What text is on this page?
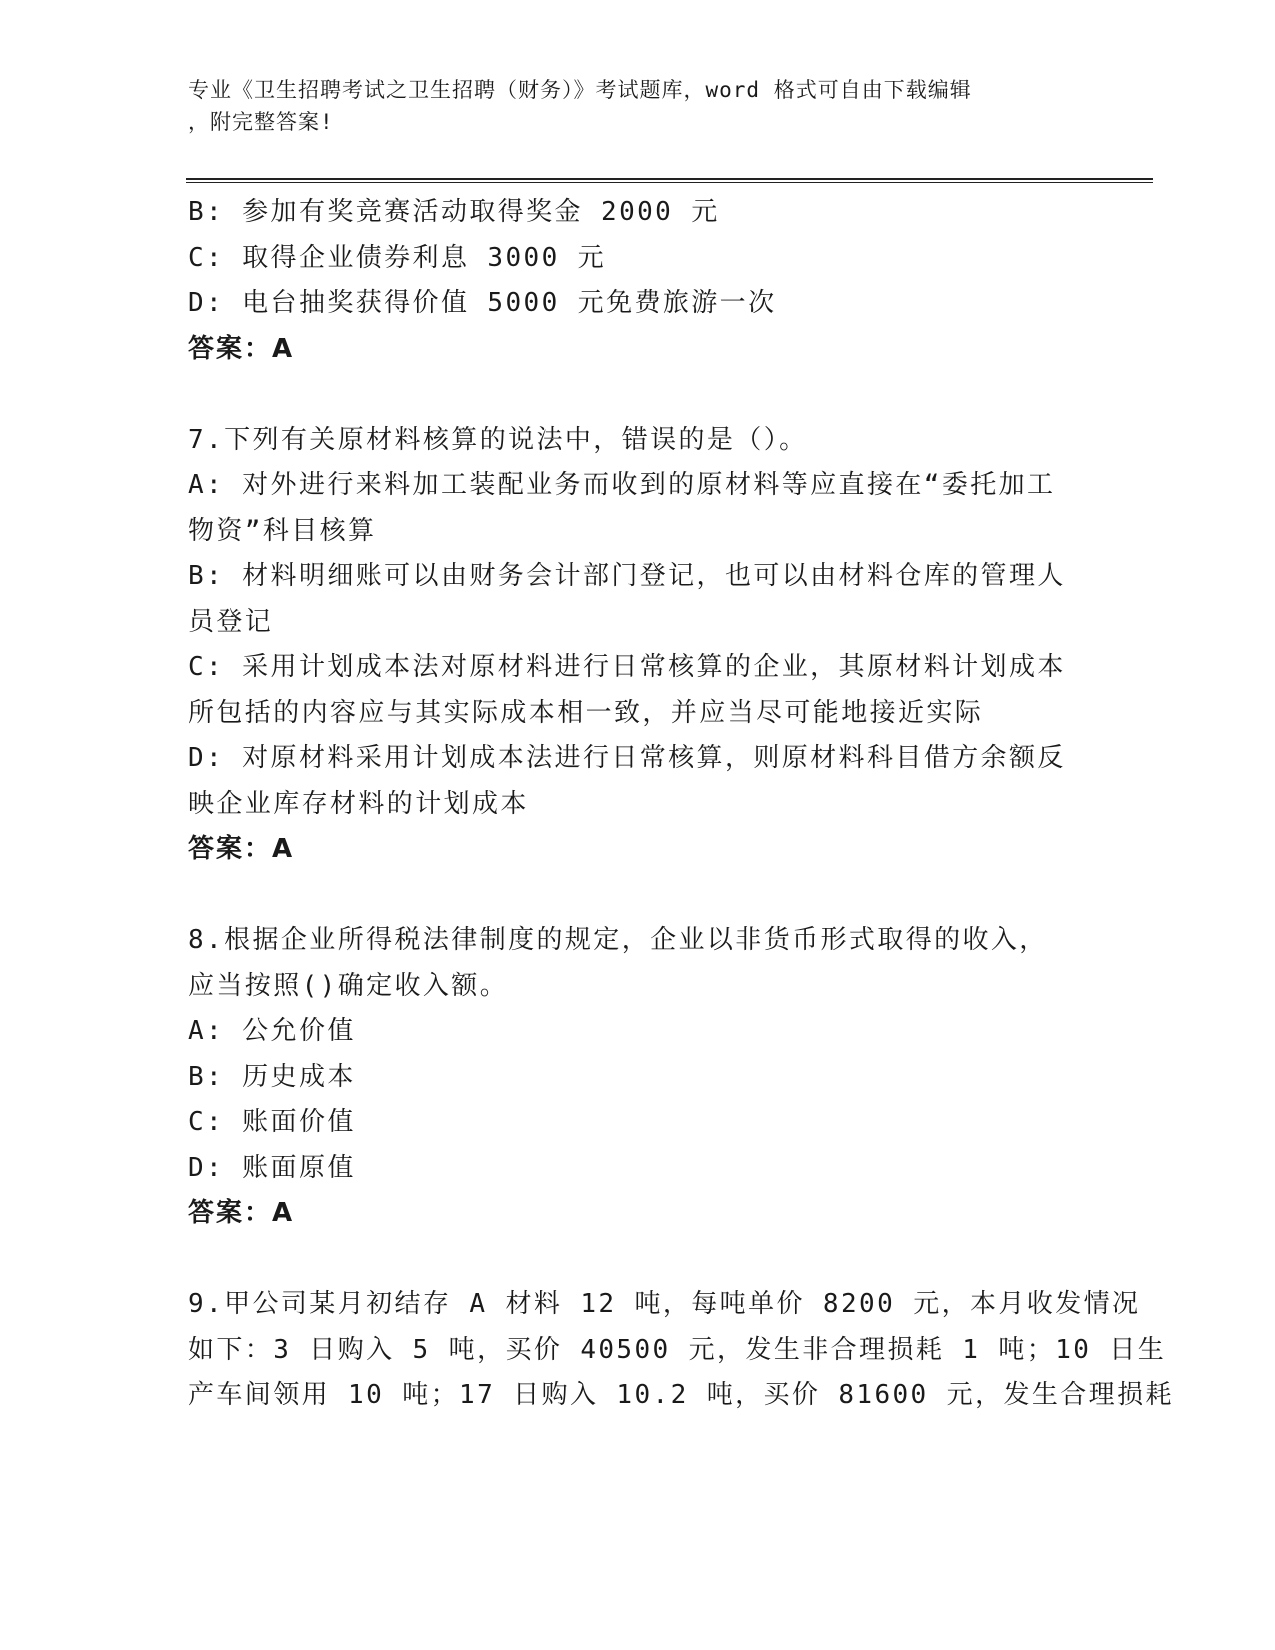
专业《卫生招聘考试之卫生招聘（财务）》考试题库，word 格式可自由下载编辑
，附完整答案!
B: 参加有奖竞赛活动取得奖金 2000 元
C: 取得企业债券利息 3000 元
D: 电台抽奖获得价值 5000 元免费旅游一次
答案：A
7.下列有关原材料核算的说法中，错误的是（）。
A: 对外进行来料加工装配业务而收到的原材料等应直接在“委托加工
物资”科目核算
B: 材料明细账可以由财务会计部门登记，也可以由材料仓库的管理人
员登记
C: 采用计划成本法对原材料进行日常核算的企业，其原材料计划成本
所包括的内容应与其实际成本相一致，并应当尽可能地接近实际
D: 对原材料采用计划成本法进行日常核算，则原材料科目借方余额反
映企业库存材料的计划成本
答案：A
8.根据企业所得税法律制度的规定，企业以非货币形式取得的收入，
应当按照()确定收入额。
A: 公允价值
B: 历史成本
C: 账面价值
D: 账面原值
答案：A
9.甲公司某月初结存 A 材料 12 吨，每吨单价 8200 元，本月收发情况
如下：3 日购入 5 吨，买价 40500 元，发生非合理损耗 1 吨；10 日生
产车间领用 10 吨；17 日购入 10.2 吨，买价 81600 元，发生合理损耗
